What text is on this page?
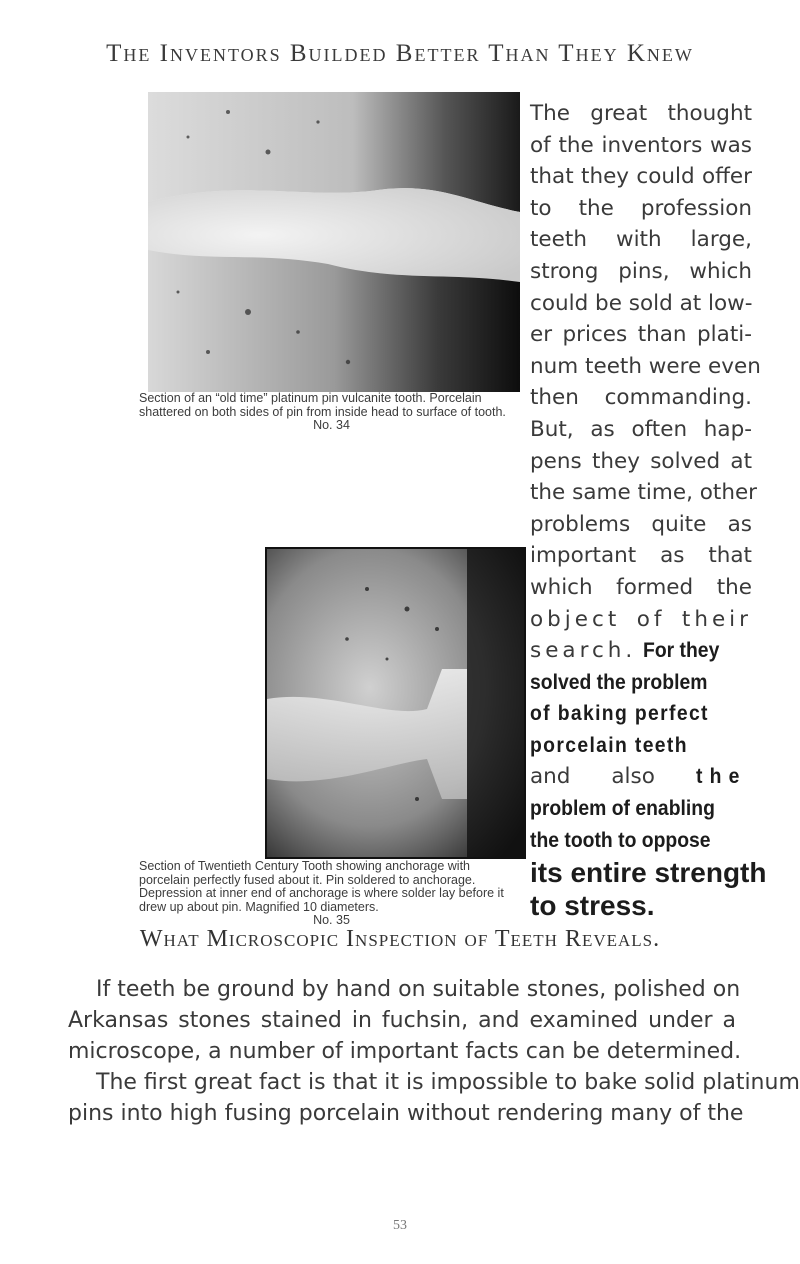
The Inventors Builded Better Than They Knew
Section of an “old time” platinum pin vulcanite tooth. Porcelain shattered on both sides of pin from inside head to surface of tooth.
No. 34
Section of Twentieth Century Tooth showing anchorage with porcelain perfectly fused about it. Pin soldered to anchorage. Depression at inner end of anchorage is where solder lay before it drew up about pin. Magnified 10 diameters.
No. 35
The great thought
of the inventors was
that they could offer
to the profession
teeth with large,
strong pins, which
could be sold at low-
er prices than plati-
num teeth were even
then commanding.
But, as often hap-
pens they solved at
the same time, other
problems quite as
important as that
which formed the
object of their
search. For they
solved the problem
of baking perfect
porcelain teeth
and also the
problem of enabling
the tooth to oppose
its entire strength
to stress.
What Microscopic Inspection of Teeth Reveals.
If teeth be ground by hand on suitable stones, polished on
Arkansas stones stained in fuchsin, and examined under a
microscope, a number of important facts can be determined.
The first great fact is that it is impossible to bake solid platinum
pins into high fusing porcelain without rendering many of the
53
